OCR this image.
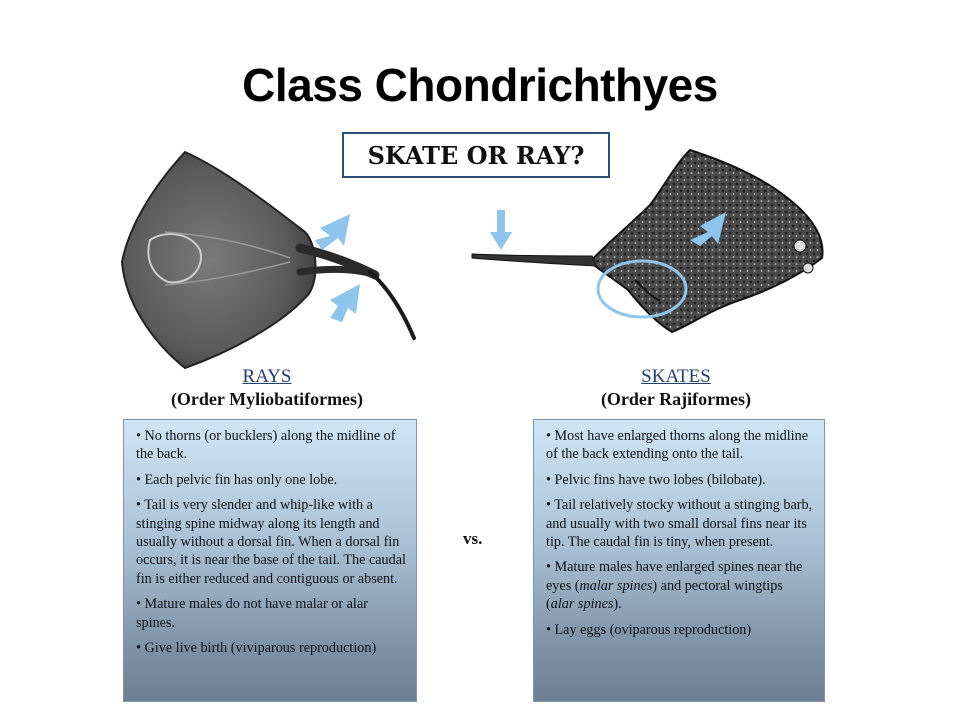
Class Chondrichthyes
SKATE OR RAY?
RAYS
(Order Myliobatiformes)
SKATES
(Order Rajiformes)

• No thorns (or bucklers) along the midline of the back.

• Each pelvic fin has only one lobe.

• Tail is very slender and whip-like with a stinging spine midway along its length and usually without a dorsal fin. When a dorsal fin occurs, it is near the base of the tail. The caudal fin is either reduced and contiguous or absent.

• Mature males do not have malar or alar spines.

• Give live birth (viviparous reproduction)

vs.

• Most have enlarged thorns along the midline of the back extending onto the tail.

• Pelvic fins have two lobes (bilobate).

• Tail relatively stocky without a stinging barb, and usually with two small dorsal fins near its tip. The caudal fin is tiny, when present.

• Mature males have enlarged spines near the eyes (malar spines) and pectoral wingtips (alar spines).

• Lay eggs (oviparous reproduction)
